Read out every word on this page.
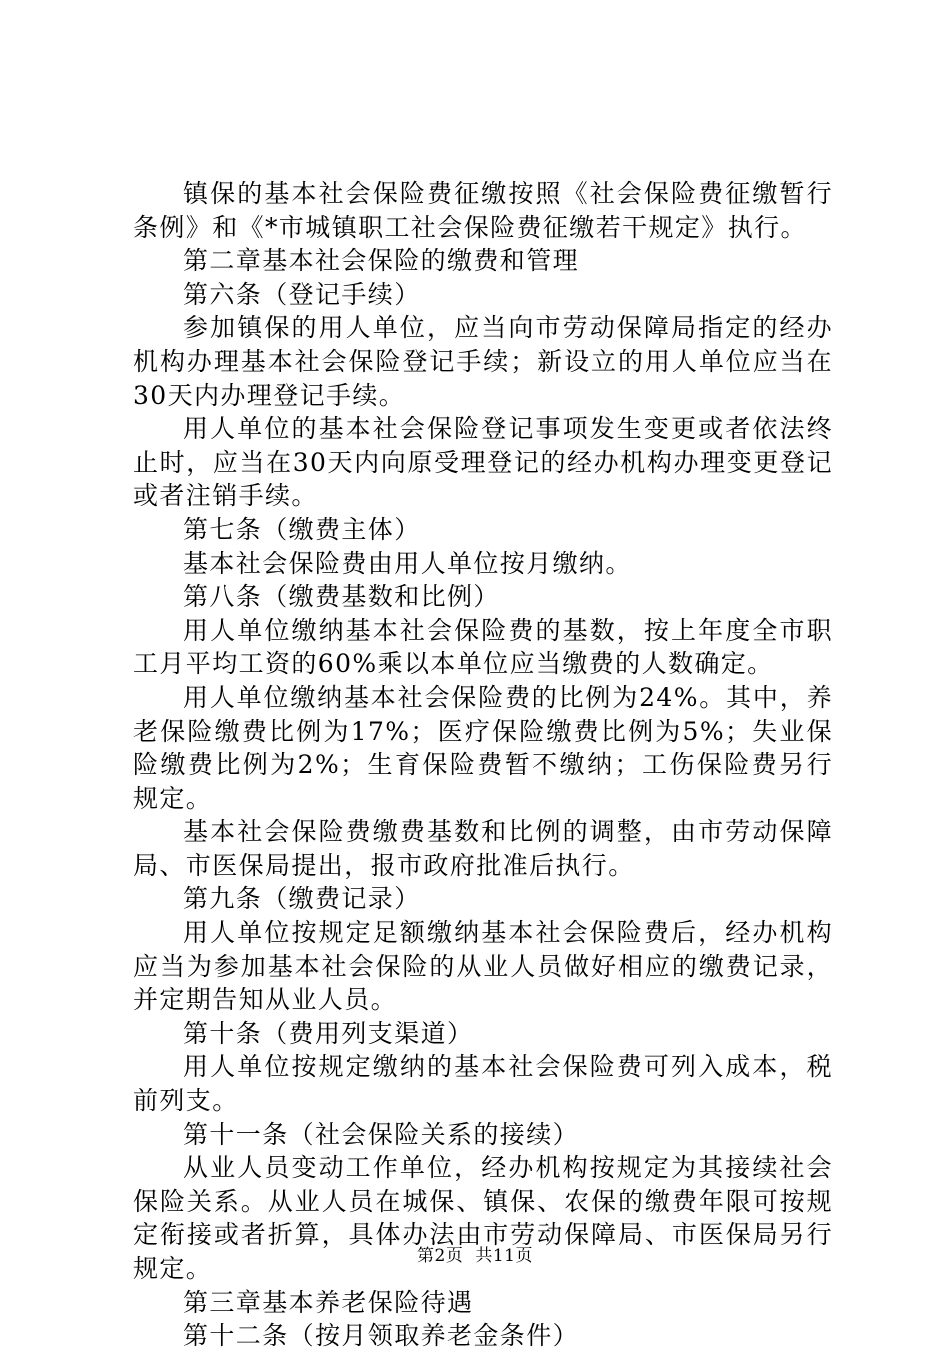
镇保的基本社会保险费征缴按照《社会保险费征缴暂行条例》和《*市城镇职工社会保险费征缴若干规定》执行。

第二章基本社会保险的缴费和管理

第六条（登记手续）

参加镇保的用人单位，应当向市劳动保障局指定的经办机构办理基本社会保险登记手续；新设立的用人单位应当在30天内办理登记手续。

用人单位的基本社会保险登记事项发生变更或者依法终止时，应当在30天内向原受理登记的经办机构办理变更登记或者注销手续。

第七条（缴费主体）

基本社会保险费由用人单位按月缴纳。

第八条（缴费基数和比例）

用人单位缴纳基本社会保险费的基数，按上年度全市职工月平均工资的60%乘以本单位应当缴费的人数确定。

用人单位缴纳基本社会保险费的比例为24%。其中，养老保险缴费比例为17%；医疗保险缴费比例为5%；失业保险缴费比例为2%；生育保险费暂不缴纳；工伤保险费另行规定。

基本社会保险费缴费基数和比例的调整，由市劳动保障局、市医保局提出，报市政府批准后执行。

第九条（缴费记录）

用人单位按规定足额缴纳基本社会保险费后，经办机构应当为参加基本社会保险的从业人员做好相应的缴费记录，并定期告知从业人员。

第十条（费用列支渠道）

用人单位按规定缴纳的基本社会保险费可列入成本，税前列支。

第十一条（社会保险关系的接续）

从业人员变动工作单位，经办机构按规定为其接续社会保险关系。从业人员在城保、镇保、农保的缴费年限可按规定衔接或者折算，具体办法由市劳动保障局、市医保局另行规定。

第三章基本养老保险待遇

第十二条（按月领取养老金条件）

第2页 共11页
